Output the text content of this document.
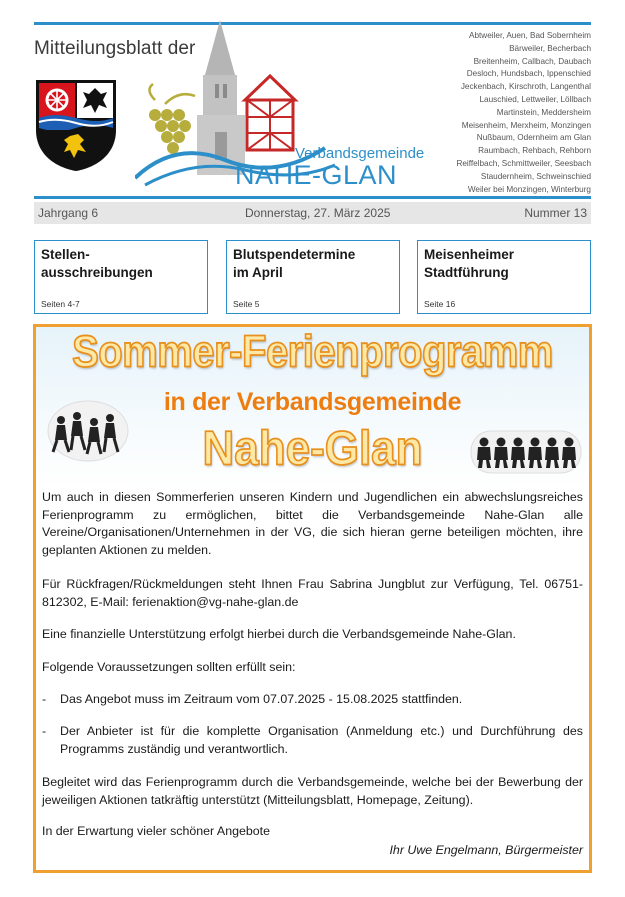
Mitteilungsblatt der
Verbandsgemeinde
NAHE-GLAN
Abtweiler, Auen, Bad Sobernheim
Bärweiler, Becherbach
Breitenheim, Callbach, Daubach
Desloch, Hundsbach, Ippenschied
Jeckenbach, Kirschroth, Langenthal
Lauschied, Lettweiler, Löllbach
Martinstein, Meddersheim
Meisenheim, Merxheim, Monzingen
Nußbaum, Odernheim am Glan
Raumbach, Rehbach, Rehborn
Reiffelbach, Schmittweiler, Seesbach
Staudernheim, Schweinschied
Weiler bei Monzingen, Winterburg
Jahrgang 6	Donnerstag, 27. März 2025	Nummer 13
Stellen-
ausschreibungen
Seiten 4-7
Blutspendetermine
im April
Seite 5
Meisenheimer
Stadtführung
Seite 16
Sommer-Ferienprogramm
in der Verbandsgemeinde
Nahe-Glan

Um auch in diesen Sommerferien unseren Kindern und Jugendlichen ein abwechslungsreiches Ferienprogramm zu ermöglichen, bittet die Verbandsgemeinde Nahe-Glan alle Vereine/Organisationen/Unternehmen in der VG, die sich hieran gerne beteiligen möchten, ihre geplanten Aktionen zu melden.

Für Rückfragen/Rückmeldungen steht Ihnen Frau Sabrina Jungblut zur Verfügung, Tel. 06751-812302, E-Mail: ferienaktion@vg-nahe-glan.de

Eine finanzielle Unterstützung erfolgt hierbei durch die Verbandsgemeinde Nahe-Glan.

Folgende Voraussetzungen sollten erfüllt sein:

- Das Angebot muss im Zeitraum vom 07.07.2025 - 15.08.2025 stattfinden.
- Der Anbieter ist für die komplette Organisation (Anmeldung etc.) und Durchführung des Programms zuständig und verantwortlich.

Begleitet wird das Ferienprogramm durch die Verbandsgemeinde, welche bei der Bewerbung der jeweiligen Aktionen tatkräftig unterstützt (Mitteilungsblatt, Homepage, Zeitung).

In der Erwartung vieler schöner Angebote

Ihr Uwe Engelmann, Bürgermeister
